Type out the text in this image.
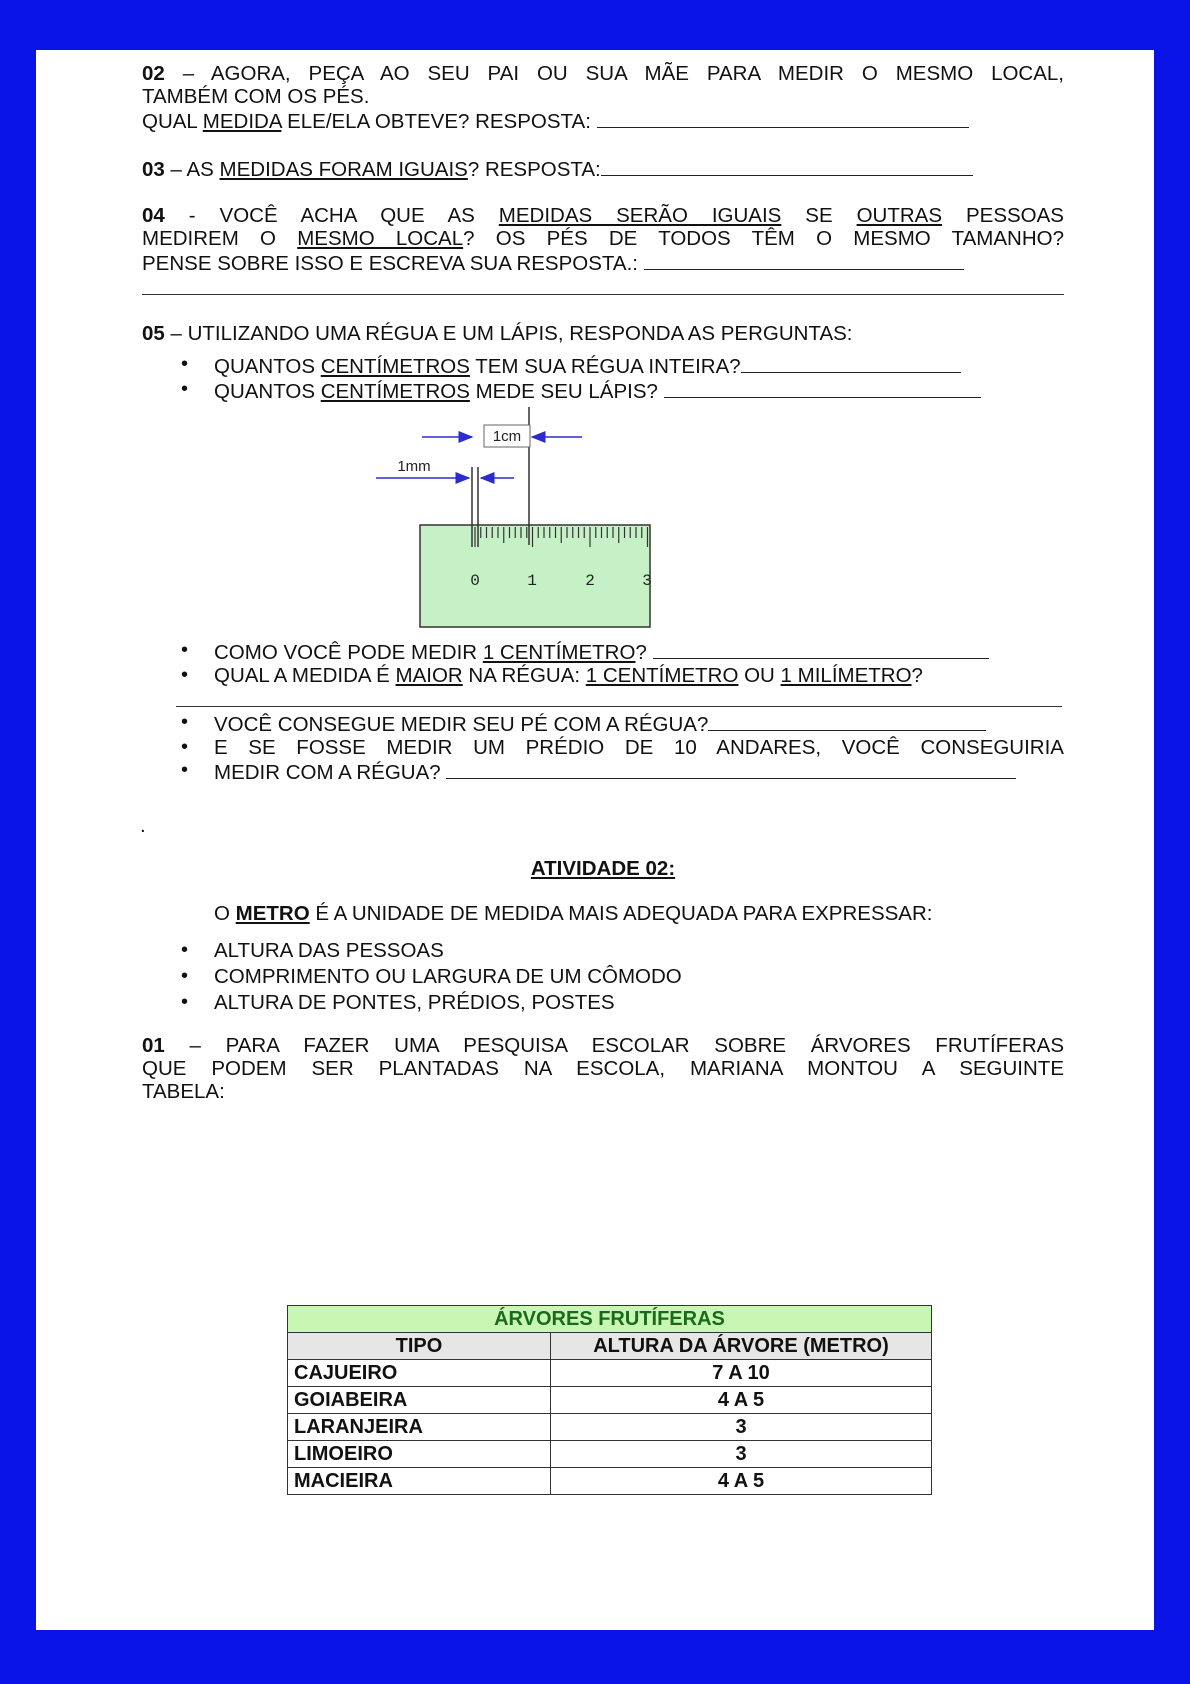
02 – AGORA, PEÇA AO SEU PAI OU SUA MÃE PARA MEDIR O MESMO LOCAL,

TAMBÉM COM OS PÉS.

QUAL MEDIDA ELE/ELA OBTEVE? RESPOSTA:

03 – AS MEDIDAS FORAM IGUAIS? RESPOSTA:

04 - VOCÊ ACHA QUE AS MEDIDAS SERÃO IGUAIS SE OUTRAS PESSOAS

MEDIREM O MESMO LOCAL? OS PÉS DE TODOS TÊM O MESMO TAMANHO?

PENSE SOBRE ISSO E ESCREVA SUA RESPOSTA.:

05 – UTILIZANDO UMA RÉGUA E UM LÁPIS, RESPONDA AS PERGUNTAS:

• QUANTOS CENTÍMETROS TEM SUA RÉGUA INTEIRA?
• QUANTOS CENTÍMETROS MEDE SEU LÁPIS?
1cm
1mm
0	1	2	3
• COMO VOCÊ PODE MEDIR 1 CENTÍMETRO?
• QUAL A MEDIDA É MAIOR NA RÉGUA: 1 CENTÍMETRO OU 1 MILÍMETRO?
• VOCÊ CONSEGUE MEDIR SEU PÉ COM A RÉGUA?
• E SE FOSSE MEDIR UM PRÉDIO DE 10 ANDARES, VOCÊ CONSEGUIRIA
• MEDIR COM A RÉGUA?

.

ATIVIDADE 02:

O METRO É A UNIDADE DE MEDIDA MAIS ADEQUADA PARA EXPRESSAR:

• ALTURA DAS PESSOAS
• COMPRIMENTO OU LARGURA DE UM CÔMODO
• ALTURA DE PONTES, PRÉDIOS, POSTES

01 – PARA FAZER UMA PESQUISA ESCOLAR SOBRE ÁRVORES FRUTÍFERAS

QUE PODEM SER PLANTADAS NA ESCOLA, MARIANA MONTOU A SEGUINTE

TABELA:

ÁRVORES FRUTÍFERAS	
TIPO	ALTURA DA ÁRVORE (METRO)
CAJUEIRO	7 A 10
GOIABEIRA	4 A 5
LARANJEIRA	3
LIMOEIRO	3
MACIEIRA	4 A 5
